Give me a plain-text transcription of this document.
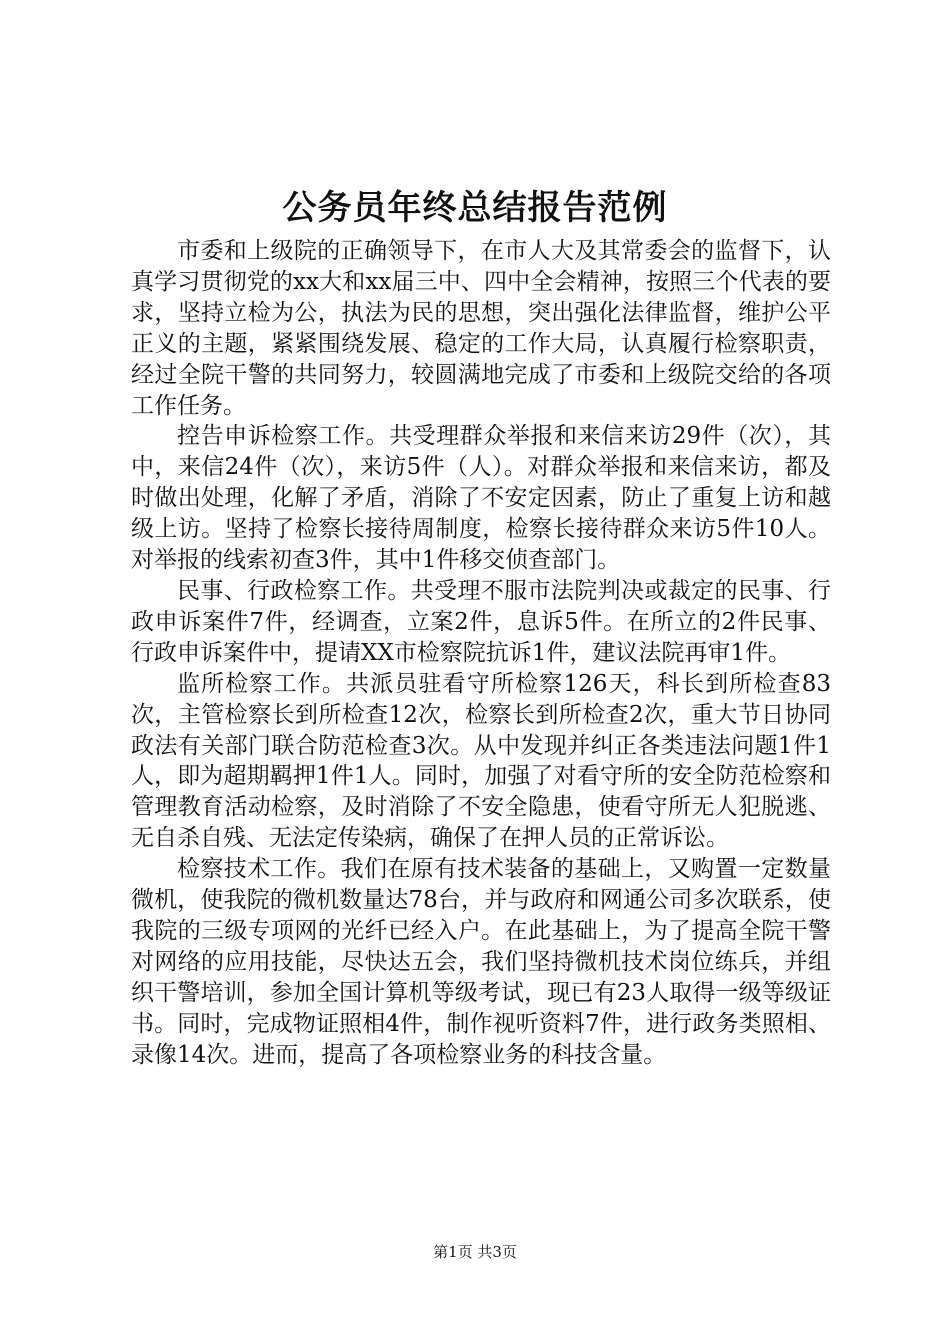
公务员年终总结报告范例

市委和上级院的正确领导下，在市人大及其常委会的监督下，认真学习贯彻党的xx大和xx届三中、四中全会精神，按照三个代表的要求，坚持立检为公，执法为民的思想，突出强化法律监督，维护公平正义的主题，紧紧围绕发展、稳定的工作大局，认真履行检察职责，经过全院干警的共同努力，较圆满地完成了市委和上级院交给的各项工作任务。

控告申诉检察工作。共受理群众举报和来信来访29件（次），其中，来信24件（次），来访5件（人）。对群众举报和来信来访，都及时做出处理，化解了矛盾，消除了不安定因素，防止了重复上访和越级上访。坚持了检察长接待周制度，检察长接待群众来访5件10人。对举报的线索初查3件，其中1件移交侦查部门。

民事、行政检察工作。共受理不服市法院判决或裁定的民事、行政申诉案件7件，经调查，立案2件，息诉5件。在所立的2件民事、行政申诉案件中，提请XX市检察院抗诉1件，建议法院再审1件。

监所检察工作。共派员驻看守所检察126天，科长到所检查83次，主管检察长到所检查12次，检察长到所检查2次，重大节日协同政法有关部门联合防范检查3次。从中发现并纠正各类违法问题1件1人，即为超期羁押1件1人。同时，加强了对看守所的安全防范检察和管理教育活动检察，及时消除了不安全隐患，使看守所无人犯脱逃、无自杀自残、无法定传染病，确保了在押人员的正常诉讼。

检察技术工作。我们在原有技术装备的基础上，又购置一定数量微机，使我院的微机数量达78台，并与政府和网通公司多次联系，使我院的三级专项网的光纤已经入户。在此基础上，为了提高全院干警对网络的应用技能，尽快达五会，我们坚持微机技术岗位练兵，并组织干警培训，参加全国计算机等级考试，现已有23人取得一级等级证书。同时，完成物证照相4件，制作视听资料7件，进行政务类照相、录像14次。进而，提高了各项检察业务的科技含量。

第1页 共3页
